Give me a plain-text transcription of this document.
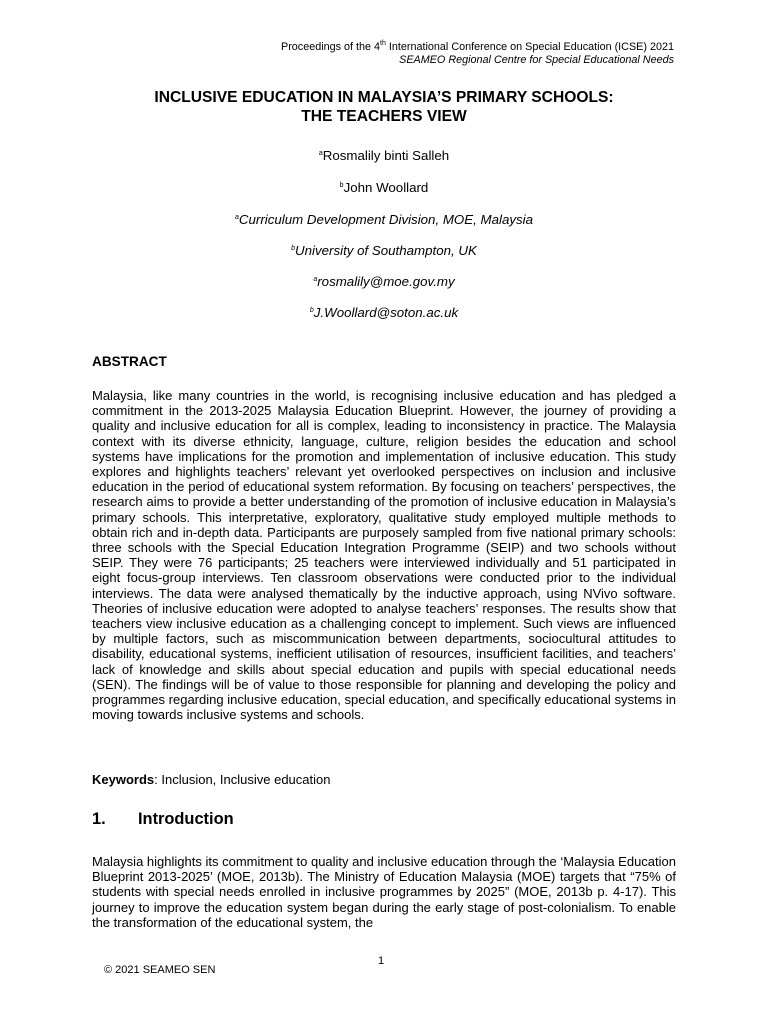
Proceedings of the 4th International Conference on Special Education (ICSE) 2021
SEAMEO Regional Centre for Special Educational Needs
INCLUSIVE EDUCATION IN MALAYSIA’S PRIMARY SCHOOLS:
THE TEACHERS VIEW
$^a$Rosmalily binti Salleh
$^b$John Woollard
$^a$Curriculum Development Division, MOE, Malaysia
$^b$University of Southampton, UK
$^a$rosmalily@moe.gov.my
$^b$J.Woollard@soton.ac.uk
ABSTRACT
Malaysia, like many countries in the world, is recognising inclusive education and has pledged a commitment in the 2013-2025 Malaysia Education Blueprint. However, the journey of providing a quality and inclusive education for all is complex, leading to inconsistency in practice. The Malaysia context with its diverse ethnicity, language, culture, religion besides the education and school systems have implications for the promotion and implementation of inclusive education. This study explores and highlights teachers’ relevant yet overlooked perspectives on inclusion and inclusive education in the period of educational system reformation. By focusing on teachers’ perspectives, the research aims to provide a better understanding of the promotion of inclusive education in Malaysia’s primary schools. This interpretative, exploratory, qualitative study employed multiple methods to obtain rich and in-depth data. Participants are purposely sampled from five national primary schools: three schools with the Special Education Integration Programme (SEIP) and two schools without SEIP. They were 76 participants; 25 teachers were interviewed individually and 51 participated in eight focus-group interviews. Ten classroom observations were conducted prior to the individual interviews. The data were analysed thematically by the inductive approach, using NVivo software. Theories of inclusive education were adopted to analyse teachers’ responses. The results show that teachers view inclusive education as a challenging concept to implement. Such views are influenced by multiple factors, such as miscommunication between departments, sociocultural attitudes to disability, educational systems, inefficient utilisation of resources, insufficient facilities, and teachers’ lack of knowledge and skills about special education and pupils with special educational needs (SEN). The findings will be of value to those responsible for planning and developing the policy and programmes regarding inclusive education, special education, and specifically educational systems in moving towards inclusive systems and schools.
Keywords: Inclusion, Inclusive education
1. Introduction
Malaysia highlights its commitment to quality and inclusive education through the ‘Malaysia Education Blueprint 2013-2025’ (MOE, 2013b). The Ministry of Education Malaysia (MOE) targets that “75% of students with special needs enrolled in inclusive programmes by 2025” (MOE, 2013b p. 4-17). This journey to improve the education system began during the early stage of post-colonialism. To enable the transformation of the educational system, the
1
© 2021 SEAMEO SEN
